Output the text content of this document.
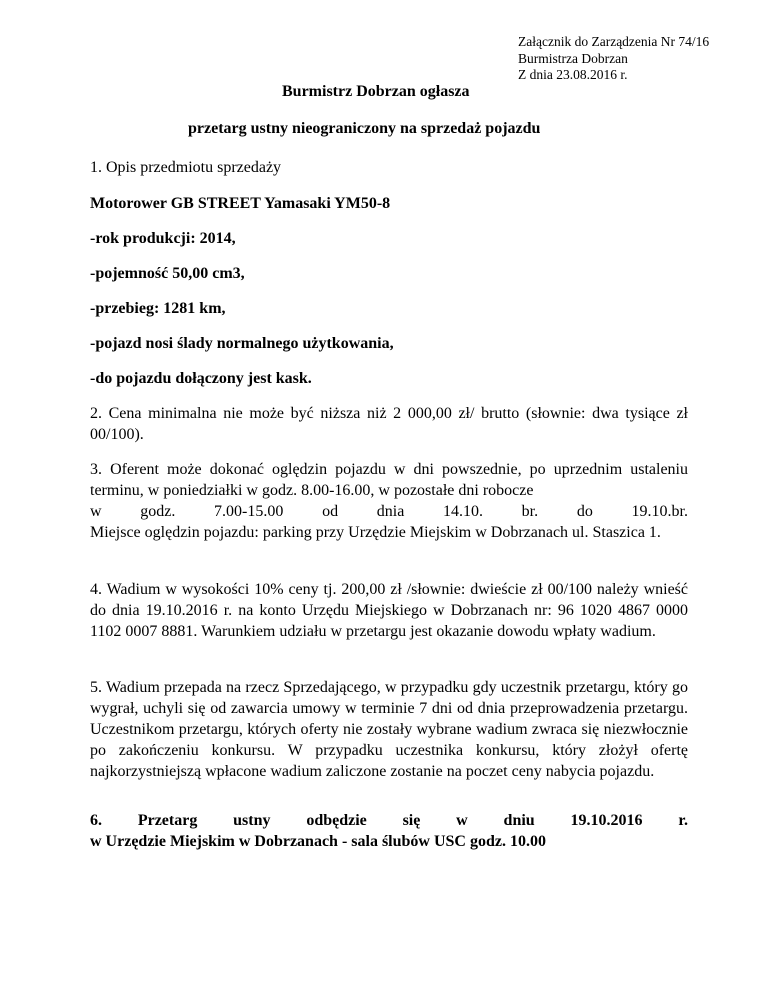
Załącznik do Zarządzenia Nr 74/16
Burmistrza Dobrzan
Z dnia 23.08.2016 r.
Burmistrz Dobrzan ogłasza
przetarg ustny nieograniczony na sprzedaż pojazdu
1. Opis przedmiotu sprzedaży
Motorower GB STREET Yamasaki YM50-8
-rok produkcji: 2014,
-pojemność 50,00 cm3,
-przebieg: 1281 km,
-pojazd nosi ślady normalnego użytkowania,
-do pojazdu dołączony jest kask.
2. Cena minimalna nie może być niższa niż 2 000,00 zł/ brutto (słownie: dwa tysiące zł 00/100).
3. Oferent może dokonać oględzin pojazdu w dni powszednie, po uprzednim ustaleniu terminu, w poniedziałki w godz. 8.00-16.00, w pozostałe dni robocze
w godz. 7.00-15.00 od dnia 14.10. br. do 19.10.br.
Miejsce oględzin pojazdu: parking przy Urzędzie Miejskim w Dobrzanach ul. Staszica 1.
4. Wadium w wysokości 10% ceny tj. 200,00 zł /słownie: dwieście zł 00/100 należy wnieść do dnia 19.10.2016 r. na konto Urzędu Miejskiego w Dobrzanach nr: 96 1020 4867 0000 1102 0007 8881. Warunkiem udziału w przetargu jest okazanie dowodu wpłaty wadium.
5. Wadium przepada na rzecz Sprzedającego, w przypadku gdy uczestnik przetargu, który go wygrał, uchyli się od zawarcia umowy w terminie 7 dni od dnia przeprowadzenia przetargu. Uczestnikom przetargu, których oferty nie zostały wybrane wadium zwraca się niezwłocznie po zakończeniu konkursu. W przypadku uczestnika konkursu, który złożył ofertę najkorzystniejszą wpłacone wadium zaliczone zostanie na poczet ceny nabycia pojazdu.
6. Przetarg ustny odbędzie się w dniu 19.10.2016 r.
w Urzędzie Miejskim w Dobrzanach - sala ślubów USC godz. 10.00
